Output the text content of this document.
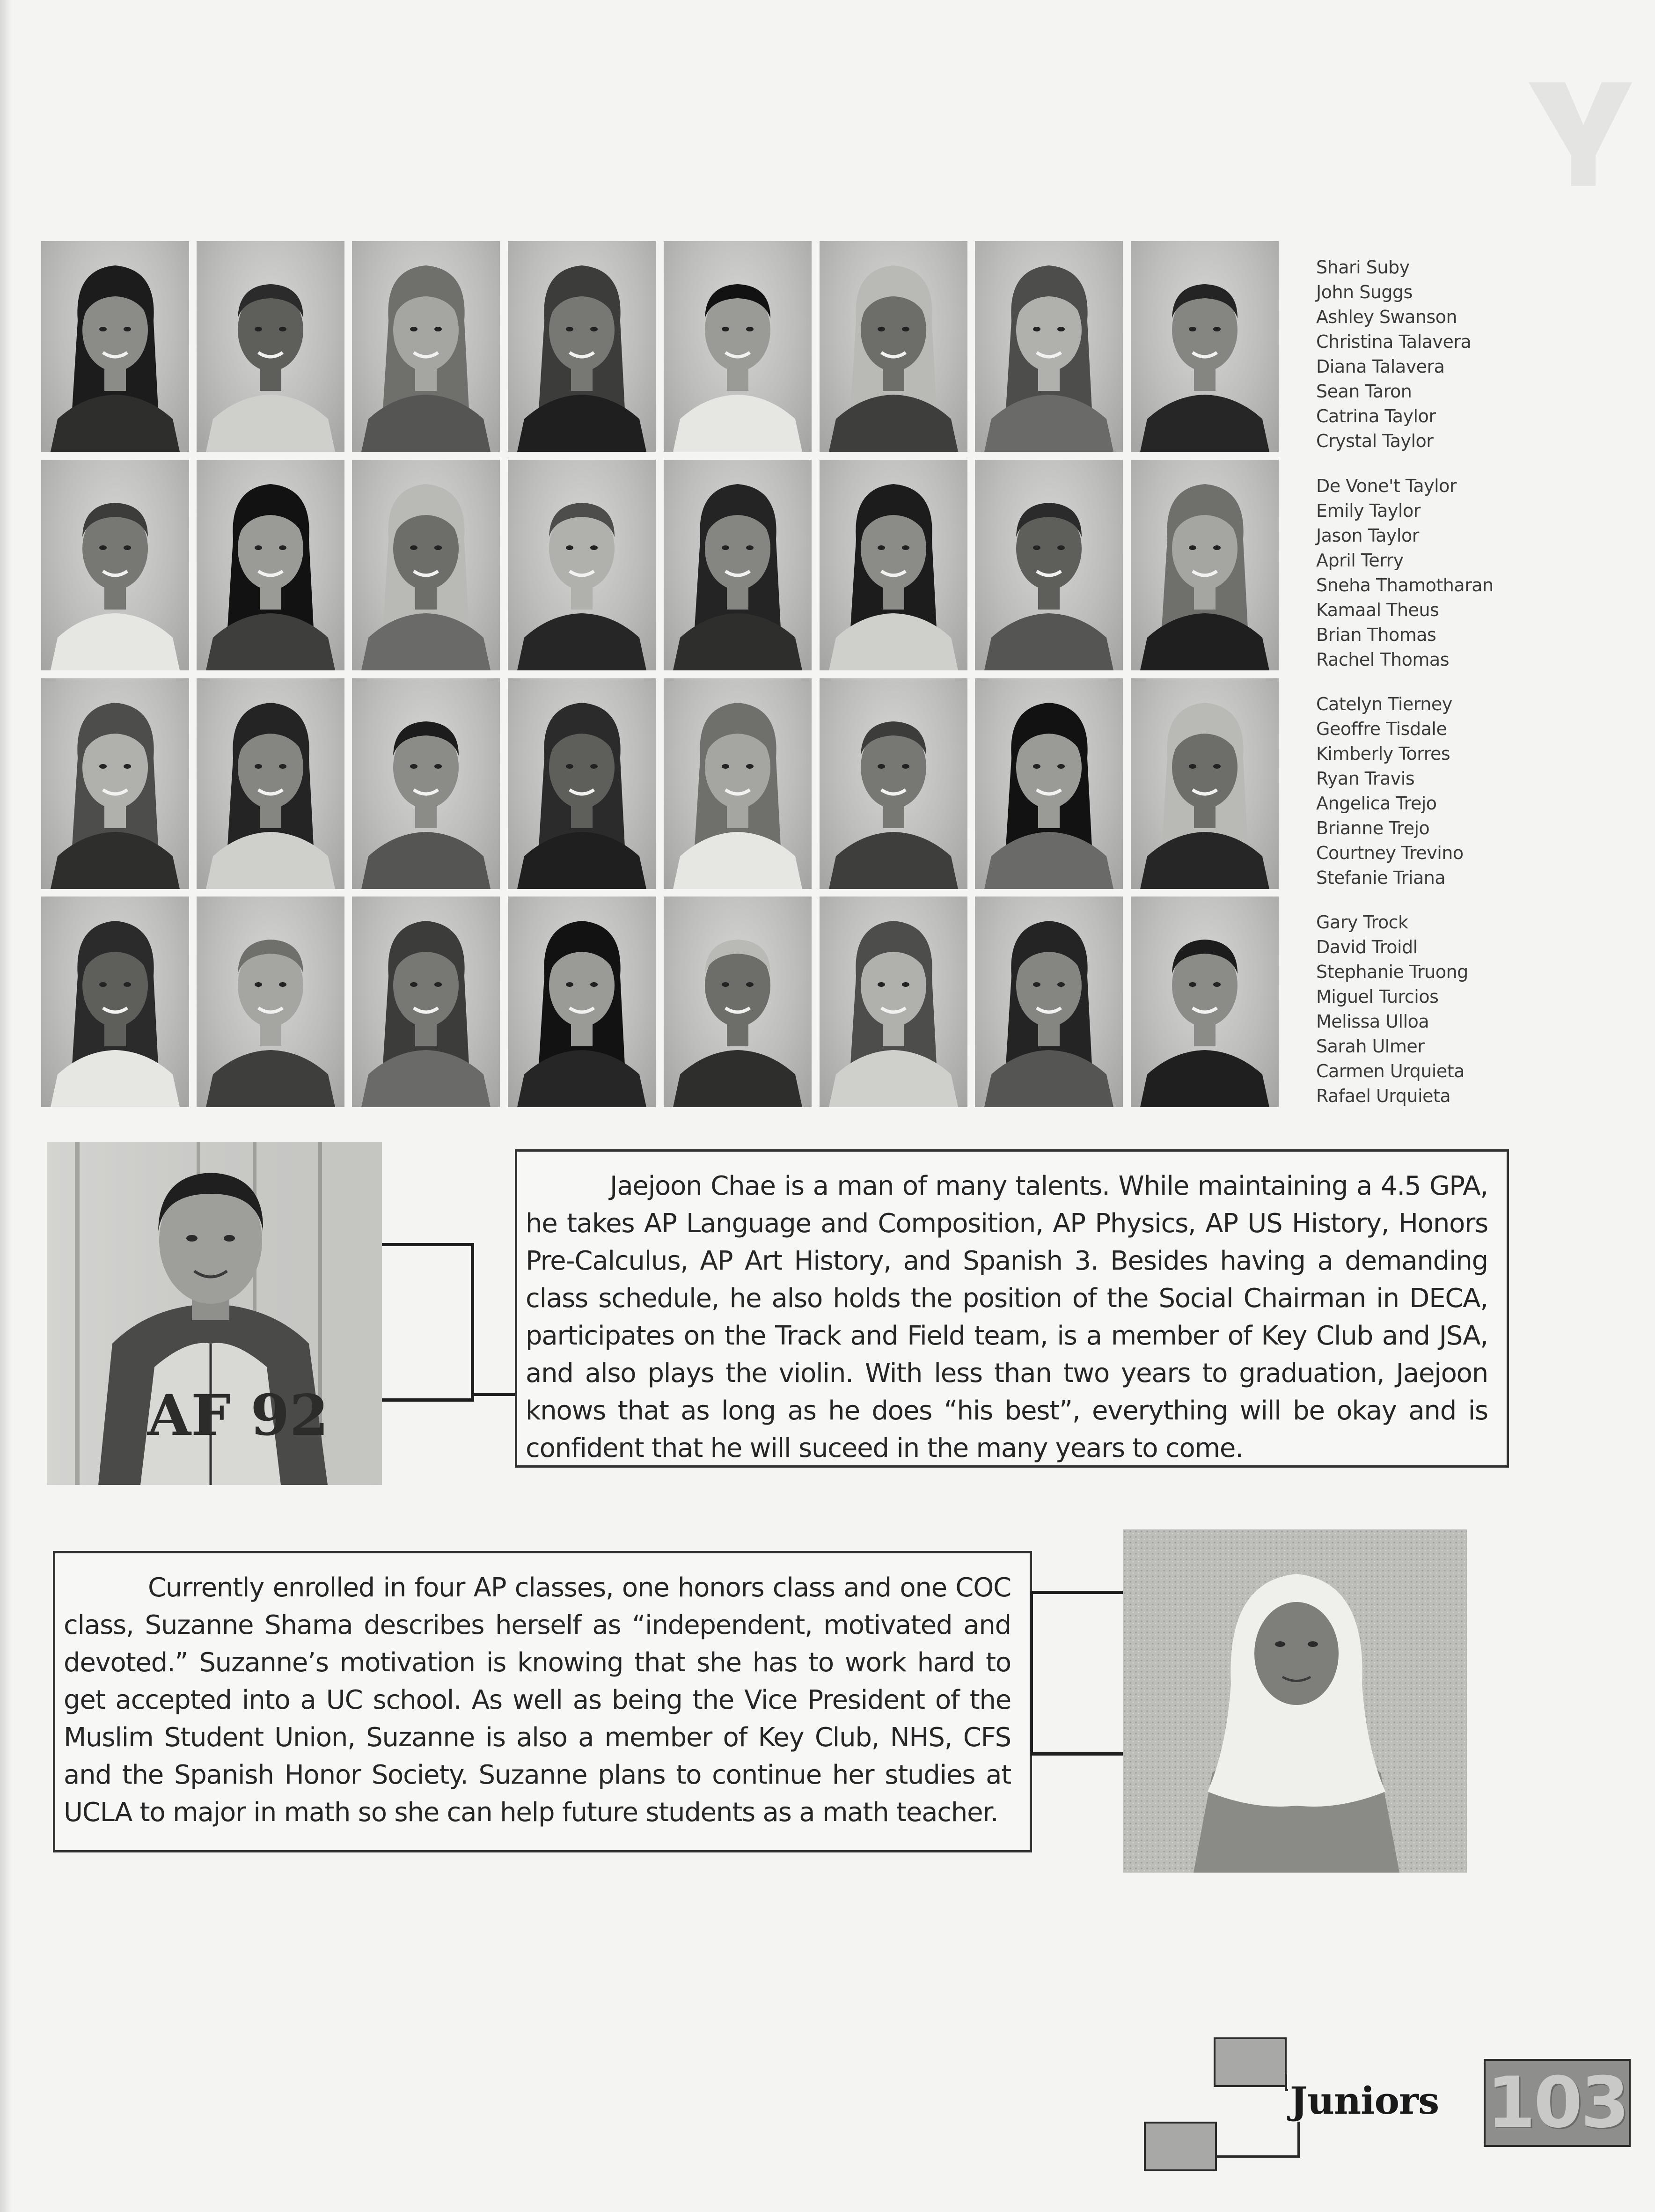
Shari Suby
John Suggs
Ashley Swanson
Christina Talavera
Diana Talavera
Sean Taron
Catrina Taylor
Crystal Taylor
De Vone't Taylor
Emily Taylor
Jason Taylor
April Terry
Sneha Thamotharan
Kamaal Theus
Brian Thomas
Rachel Thomas
Catelyn Tierney
Geoffre Tisdale
Kimberly Torres
Ryan Travis
Angelica Trejo
Brianne Trejo
Courtney Trevino
Stefanie Triana
Gary Trock
David Troidl
Stephanie Truong
Miguel Turcios
Melissa Ulloa
Sarah Ulmer
Carmen Urquieta
Rafael Urquieta
AF 92

Jaejoon Chae is a man of many talents. While maintaining a 4.5 GPA, he takes AP Language and Composition, AP Physics, AP US History, Honors Pre-Calculus, AP Art History, and Spanish 3. Besides having a demanding class schedule, he also holds the position of the Social Chairman in DECA, participates on the Track and Field team, is a member of Key Club and JSA, and also plays the violin. With less than two years to graduation, Jaejoon knows that as long as he does “his best”, everything will be okay and is confident that he will suceed in the many years to come.

Currently enrolled in four AP classes, one honors class and one COC class, Suzanne Shama describes herself as “independent, motivated and devoted.” Suzanne’s motivation is knowing that she has to work hard to get accepted into a UC school. As well as being the Vice President of the Muslim Student Union, Suzanne is also a member of Key Club, NHS, CFS and the Spanish Honor Society. Suzanne plans to continue her studies at UCLA to major in math so she can help future students as a math teacher.

Juniors 103
